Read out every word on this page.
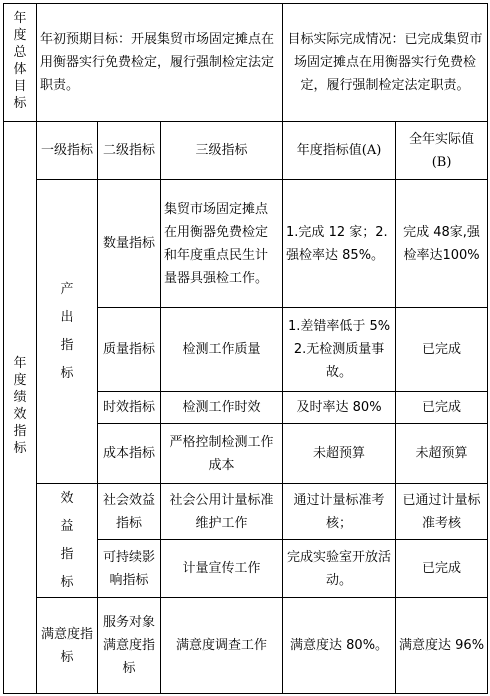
年度总体目标	年初预期目标：开展集贸市场固定摊点在用衡器实行免费检定，履行强制检定法定职责。			目标实际完成情况：已完成集贸市场固定摊点在用衡器实行免费检定，履行强制检定法定职责。	
年度绩效指标	一级指标	二级指标	三级指标	年度指标值(A)	全年实际值
(B)

	产出指标	数量指标	集贸市场固定摊点在用衡器免费检定和年度重点民生计量器具强检工作。	1.完成 12 家；2.强检率达 85%。	完成 48家,强检率达100%
		质量指标	检测工作质量	1.差错率低于 5% 2.无检测质量事故。	已完成
		时效指标	检测工作时效	及时率达 80%	已完成
		成本指标	严格控制检测工作成本	未超预算	未超预算
	效益指标	社会效益指标	社会公用计量标准维护工作	通过计量标准考核；	已通过计量标准考核
		可持续影响指标	计量宣传工作	完成实验室开放活动。	已完成
	满意度指标	服务对象满意度指标	满意度调查工作	满意度达 80%。	满意度达 96%
